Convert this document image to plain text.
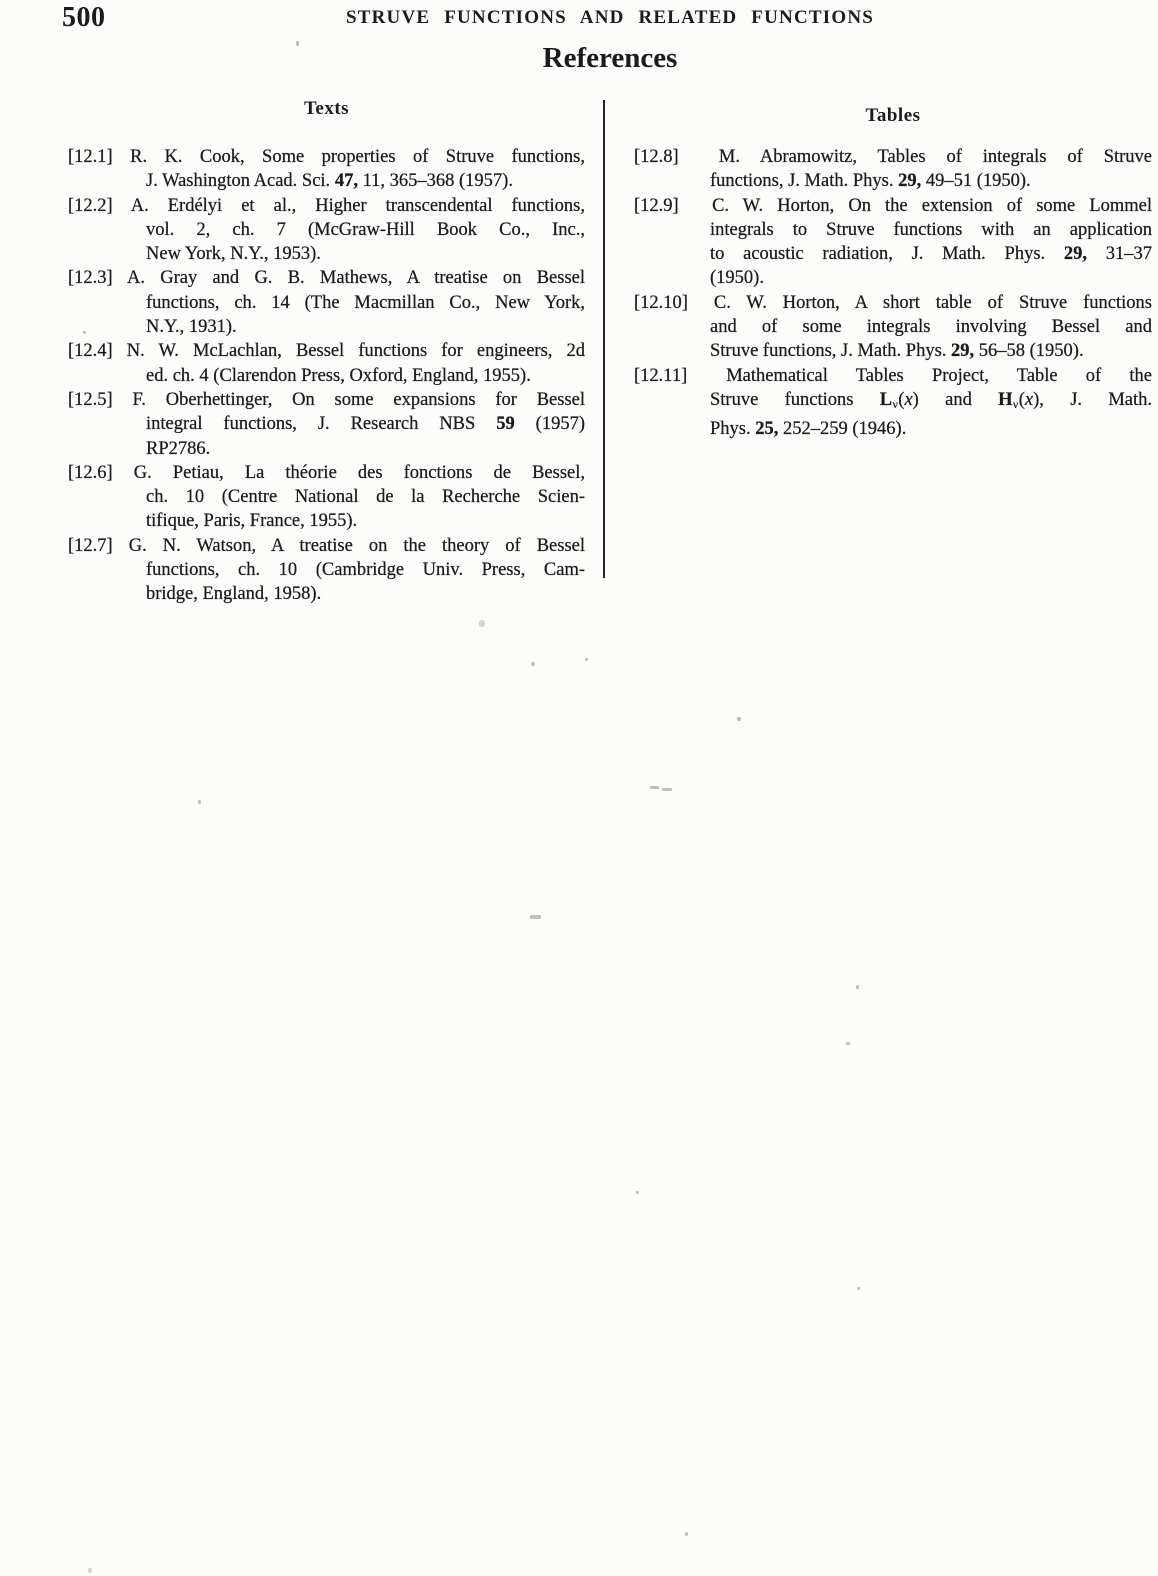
500	STRUVE FUNCTIONS AND RELATED FUNCTIONS
References
Texts
[12.1] R. K. Cook, Some properties of Struve functions,
J. Washington Acad. Sci. 47, 11, 365–368 (1957).
[12.2] A. Erdélyi et al., Higher transcendental functions,
vol. 2, ch. 7 (McGraw-Hill Book Co., Inc.,
New York, N.Y., 1953).
[12.3] A. Gray and G. B. Mathews, A treatise on Bessel
functions, ch. 14 (The Macmillan Co., New York,
N.Y., 1931).
[12.4] N. W. McLachlan, Bessel functions for engineers, 2d
ed. ch. 4 (Clarendon Press, Oxford, England, 1955).
[12.5] F. Oberhettinger, On some expansions for Bessel
integral functions, J. Research NBS 59 (1957)
RP2786.
[12.6] G. Petiau, La théorie des fonctions de Bessel,
ch. 10 (Centre National de la Recherche Scien-
tifique, Paris, France, 1955).
[12.7] G. N. Watson, A treatise on the theory of Bessel
functions, ch. 10 (Cambridge Univ. Press, Cam-
bridge, England, 1958).
Tables
[12.8] M. Abramowitz, Tables of integrals of Struve
functions, J. Math. Phys. 29, 49–51 (1950).
[12.9] C. W. Horton, On the extension of some Lommel
integrals to Struve functions with an application
to acoustic radiation, J. Math. Phys. 29, 31–37
(1950).
[12.10] C. W. Horton, A short table of Struve functions
and of some integrals involving Bessel and
Struve functions, J. Math. Phys. 29, 56–58 (1950).
[12.11] Mathematical Tables Project, Table of the
Struve functions $L_\nu(x)$ and $H_\nu(x)$, J. Math.
Phys. 25, 252–259 (1946).
